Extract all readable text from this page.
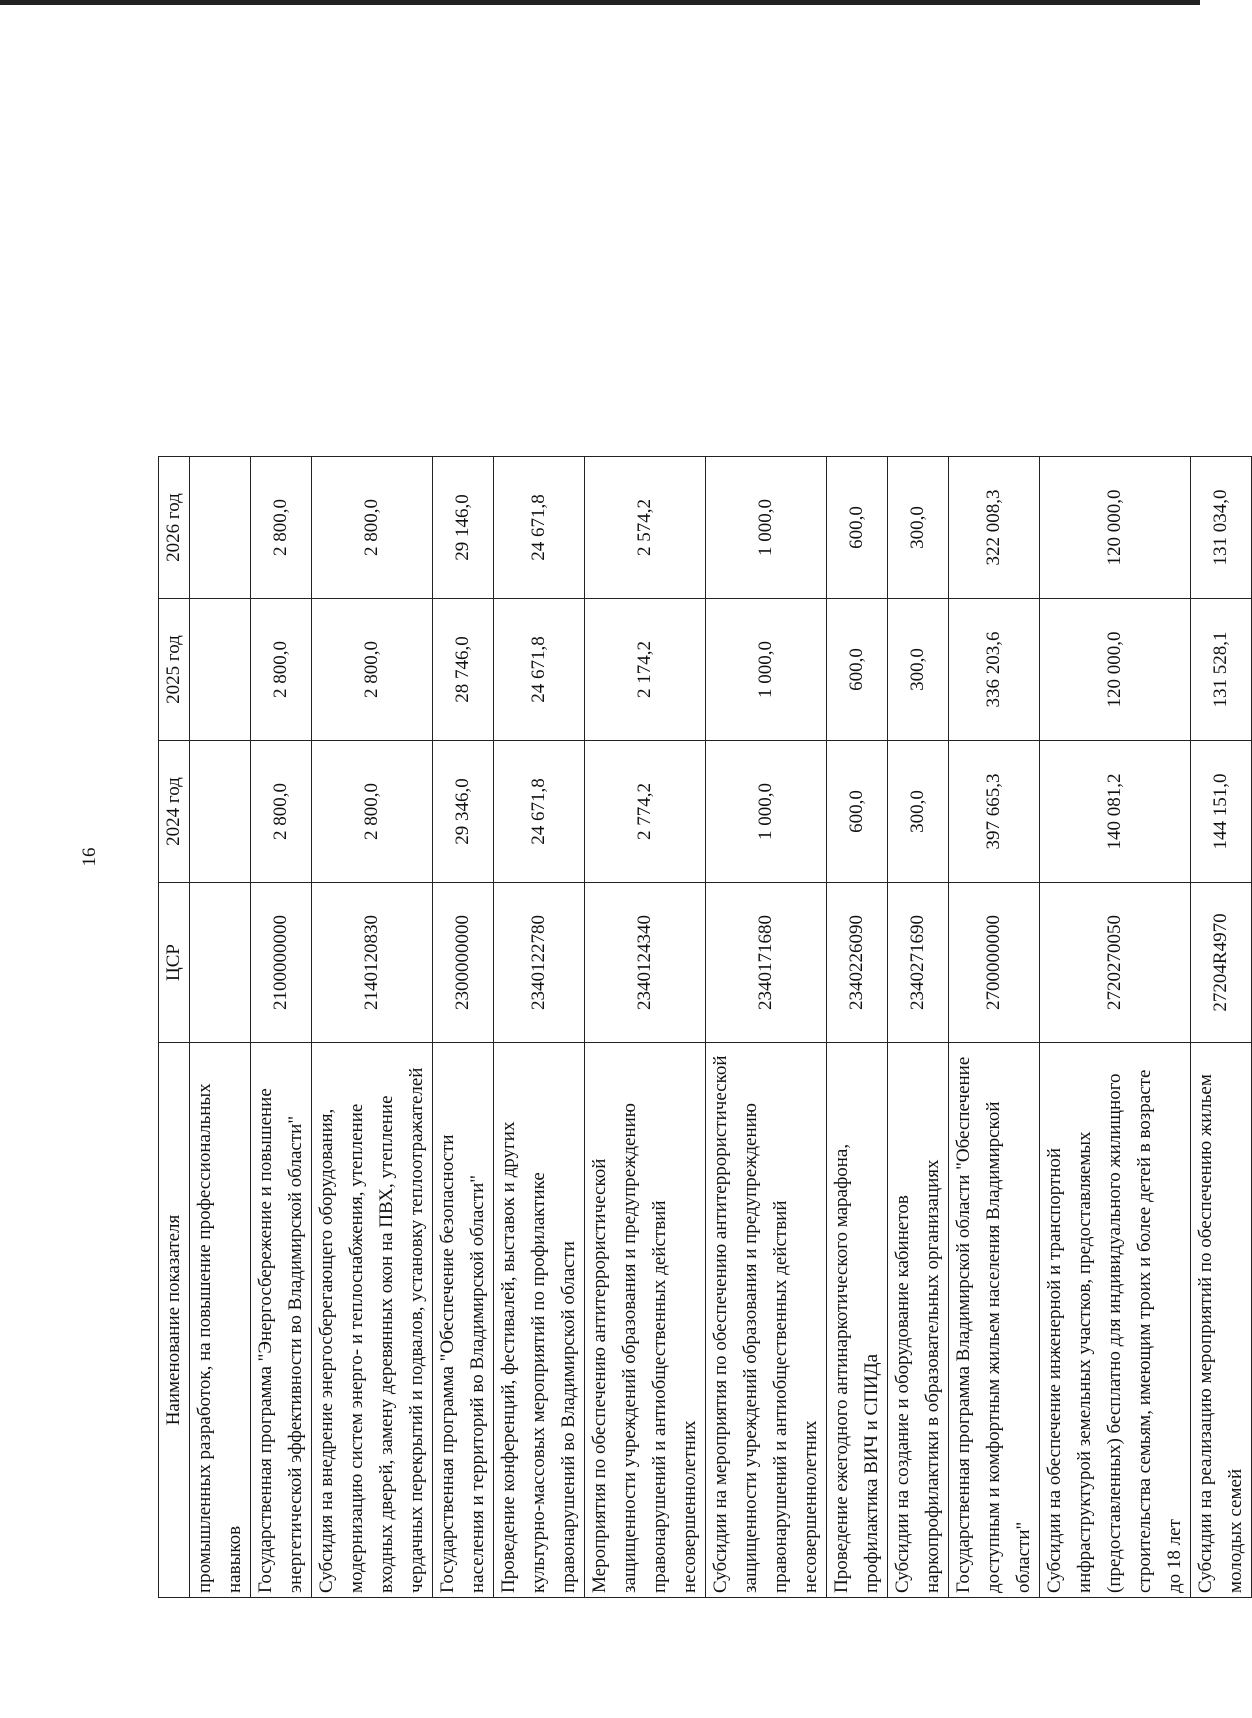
16
Наименование показателя	ЦСР	2024 год	2025 год	2026 год
промышленных разработок, на повышение профессиональных навыков				
Государственная программа "Энергосбережение и повышение энергетической эффективности во Владимирской области"	2100000000	2 800,0	2 800,0	2 800,0
Субсидия на внедрение энергосберегающего оборудования, модернизацию систем энерго- и теплоснабжения, утепление входных дверей, замену деревянных окон на ПВХ, утепление чердачных перекрытий и подвалов, установку теплоотражателей	2140120830	2 800,0	2 800,0	2 800,0
Государственная программа "Обеспечение безопасности населения и территорий во Владимирской области"	2300000000	29 346,0	28 746,0	29 146,0
Проведение конференций, фестивалей, выставок и других культурно-массовых мероприятий по профилактике правонарушений во Владимирской области	2340122780	24 671,8	24 671,8	24 671,8
Мероприятия по обеспечению антитеррористической защищенности учреждений образования и предупреждению правонарушений и антиобщественных действий несовершеннолетних	2340124340	2 774,2	2 174,2	2 574,2
Субсидии на мероприятия по обеспечению антитеррористической защищенности учреждений образования и предупреждению правонарушений и антиобщественных действий несовершеннолетних	2340171680	1 000,0	1 000,0	1 000,0
Проведение ежегодного антинаркотического марафона, профилактика ВИЧ и СПИДа	2340226090	600,0	600,0	600,0
Субсидии на создание и оборудование кабинетов наркопрофилактики в образовательных организациях	2340271690	300,0	300,0	300,0
Государственная программа Владимирской области "Обеспечение доступным и комфортным жильем населения Владимирской области"	2700000000	397 665,3	336 203,6	322 008,3
Субсидии на обеспечение инженерной и транспортной инфраструктурой земельных участков, предоставляемых (предоставленных) бесплатно для индивидуального жилищного строительства семьям, имеющим троих и более детей в возрасте до 18 лет	2720270050	140 081,2	120 000,0	120 000,0
Субсидии на реализацию мероприятий по обеспечению жильем молодых семей	27204R4970	144 151,0	131 528,1	131 034,0
